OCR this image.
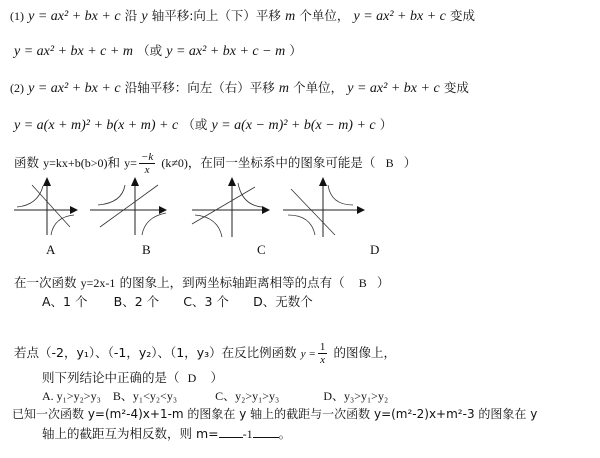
(1) y = ax² + bx + c 沿 y 轴平移:向上（下）平移 m 个单位， y = ax² + bx + c 变成
y = ax² + bx + c + m （或 y = ax² + bx + c − m ）
(2) y = ax² + bx + c 沿轴平移：向左（右）平移 m 个单位， y = ax² + bx + c 变成
y = a(x + m)² + b(x + m) + c （或 y = a(x − m)² + b(x − m) + c ）
函数 y=kx+b(b>0)和 $y= \frac{-k}{x} (k\ne 0)$，在同一坐标系中的图象可能是（ B ）
A	B	C	D
在一次函数 y=2x-1 的图象上，到两坐标轴距离相等的点有（ B ）
A、1 个 B、2 个 C、3 个 D、无数个
若点（-2，y₁）、（-1，y₂）、（1，y₃）在反比例函数 $y = \frac{1}{x}$ 的图像上，
则下列结论中正确的是（ D ）
A. y₁>y₂>y₃ B、y₁<y₂<y₃	C、y₂>y₁>y₃	D、y₃>y₁>y₂
已知一次函数 y=(m²-4)x+1-m 的图象在 y 轴上的截距与一次函数 y=(m²-2)x+m²-3 的图象在 y
轴上的截距互为相反数，则 m= -1 。
